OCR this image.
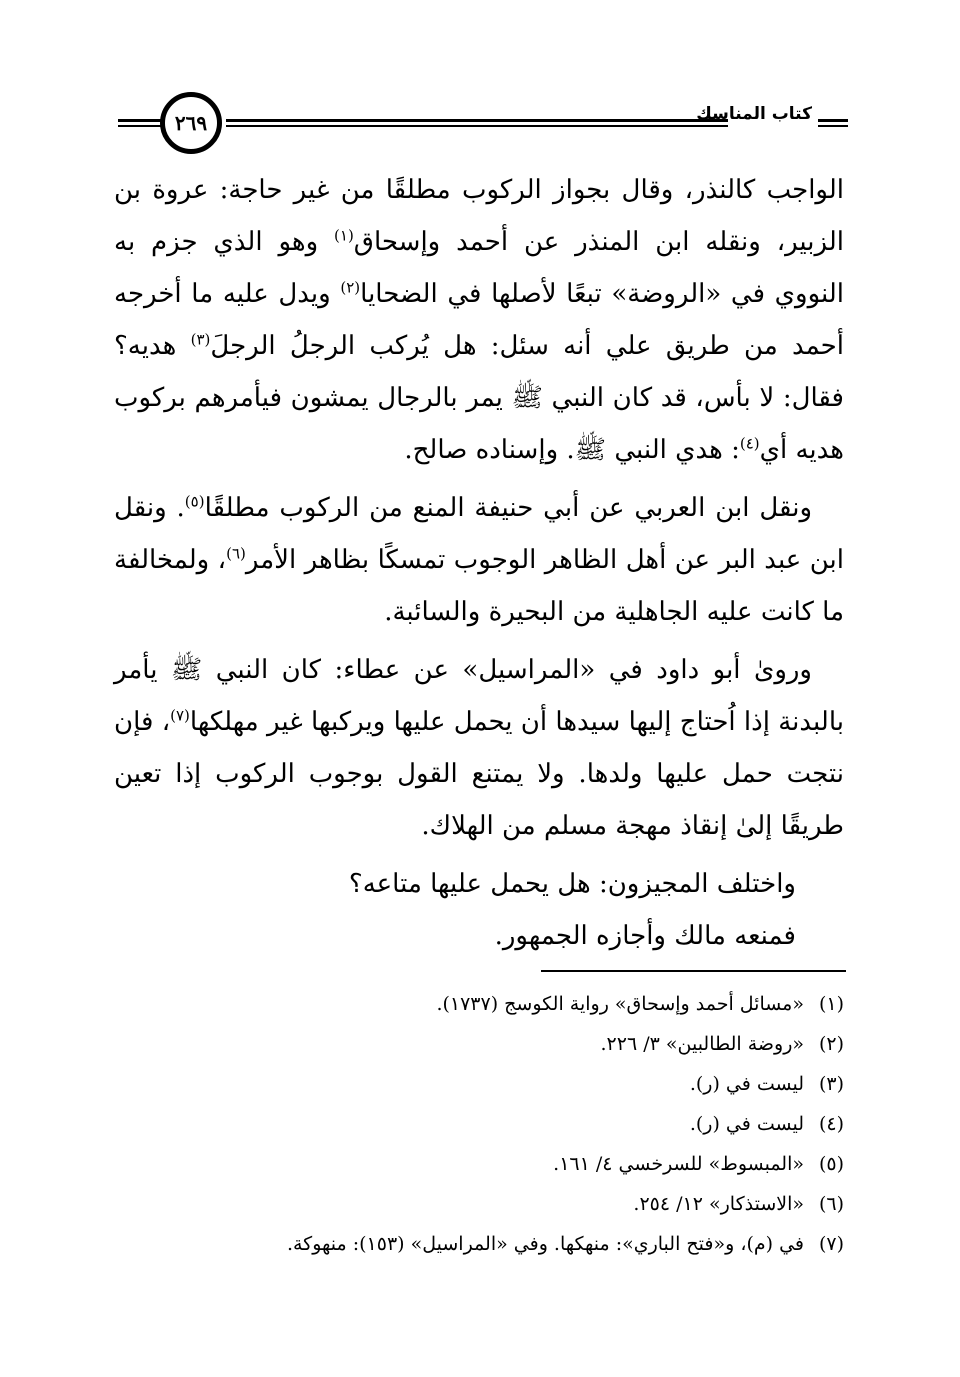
كتاب المناسك
٢٦٩

الواجب كالنذر، وقال بجواز الركوب مطلقًا من غير حاجة: عروة بن الزبير، ونقله ابن المنذر عن أحمد وإسحاق$^{(١)}$ وهو الذي جزم به النووي في «الروضة» تبعًا لأصلها في الضحايا$^{(٢)}$ ويدل عليه ما أخرجه أحمد من طريق علي أنه سئل: هل يُركب الرجلُ الرجلَ$^{(٣)}$ هديه؟ فقال: لا بأس، قد كان النبي ﷺ يمر بالرجال يمشون فيأمرهم بركوب هديه أي$^{(٤)}$: هدي النبي ﷺ. وإسناده صالح.

ونقل ابن العربي عن أبي حنيفة المنع من الركوب مطلقًا$^{(٥)}$. ونقل ابن عبد البر عن أهل الظاهر الوجوب تمسكًا بظاهر الأمر$^{(٦)}$، ولمخالفة ما كانت عليه الجاهلية من البحيرة والسائبة.

وروىٰ أبو داود في «المراسيل» عن عطاء: كان النبي ﷺ يأمر بالبدنة إذا اُحتاج إليها سيدها أن يحمل عليها ويركبها غير مهلكها$^{(٧)}$، فإن نتجت حمل عليها ولدها. ولا يمتنع القول بوجوب الركوب إذا تعين طريقًا إلىٰ إنقاذ مهجة مسلم من الهلاك.

واختلف المجيزون: هل يحمل عليها متاعه؟

فمنعه مالك وأجازه الجمهور.

(١)
«مسائل أحمد وإسحاق» رواية الكوسج (١٧٣٧).
(٢)
«روضة الطالبين» ٣/ ٢٢٦.
(٣)
ليست في (ر).
(٤)
ليست في (ر).
(٥)
«المبسوط» للسرخسي ٤/ ١٦١.
(٦)
«الاستذكار» ١٢/ ٢٥٤.
(٧)
في (م)، و«فتح الباري»: منهكها. وفي «المراسيل» (١٥٣): منهوكة.
